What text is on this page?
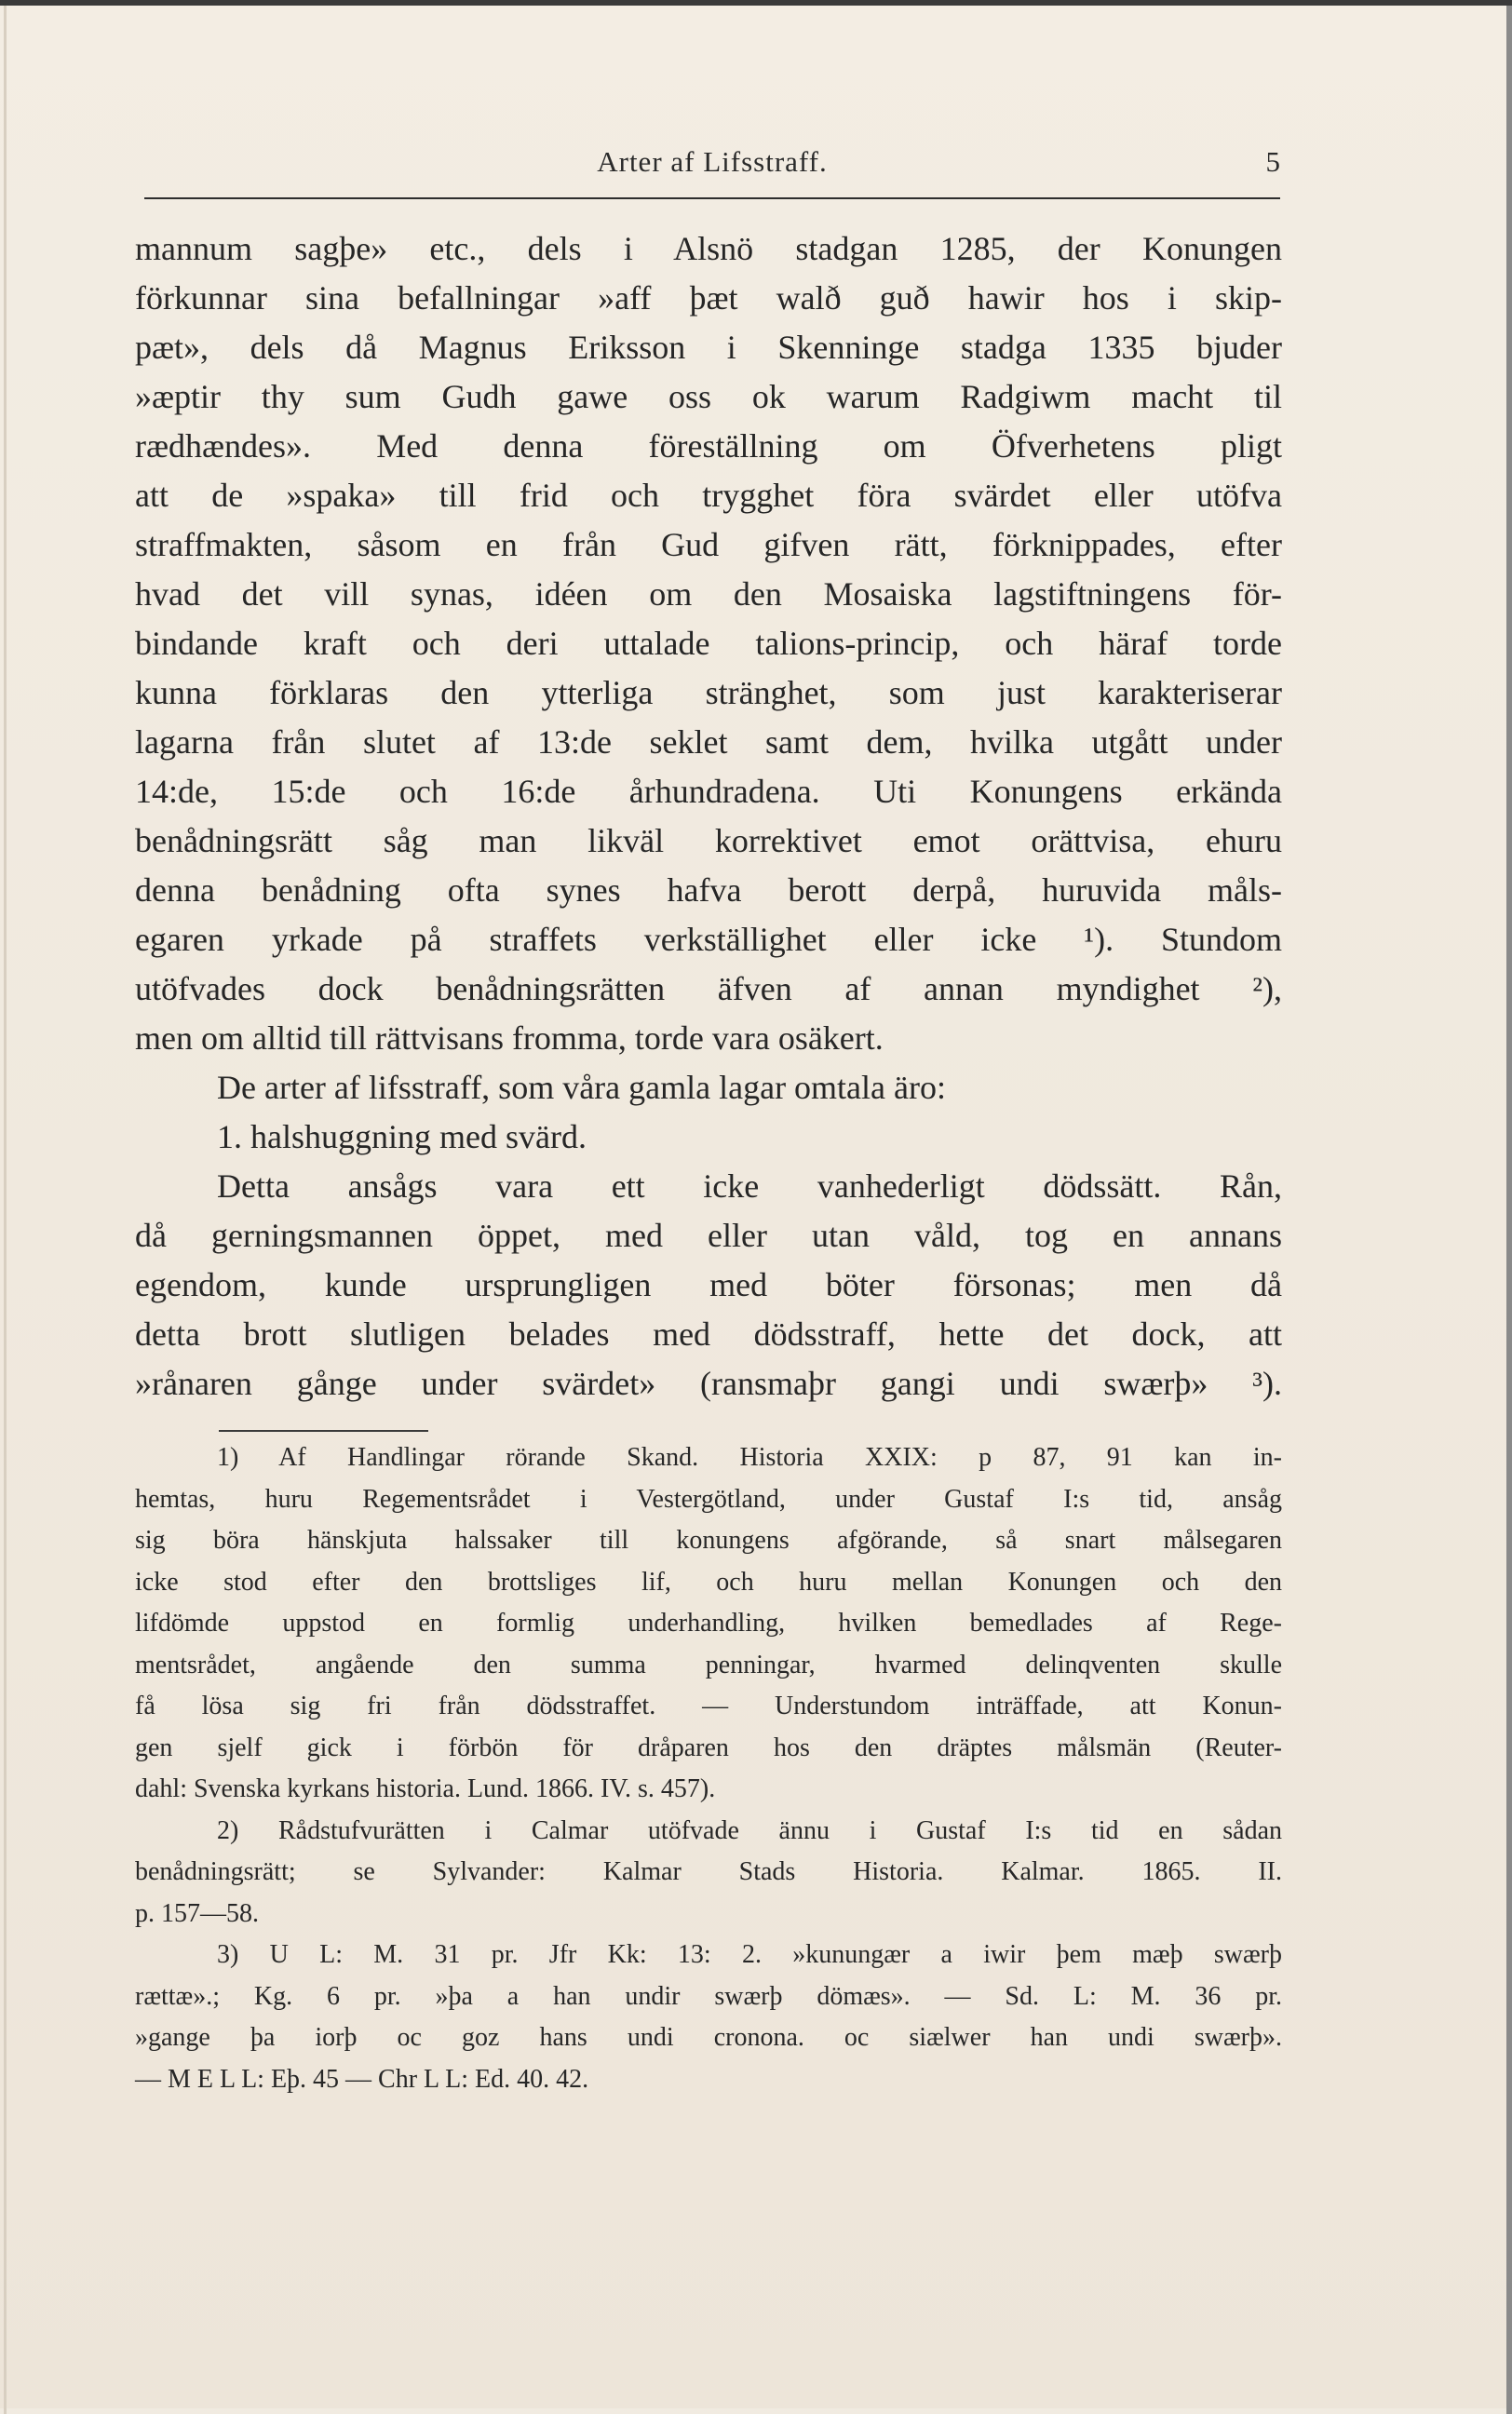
Arter af Lifsstraff.	5
mannum sagþe» etc., dels i Alsnö stadgan 1285, der Konungen
förkunnar sina befallningar »aff þæt walð guð hawir hos i skip-
pæt», dels då Magnus Eriksson i Skenninge stadga 1335 bjuder
»æptir thy sum Gudh gawe oss ok warum Radgiwm macht til
rædhændes». Med denna föreställning om Öfverhetens pligt
att de »spaka» till frid och trygghet föra svärdet eller utöfva
straffmakten, såsom en från Gud gifven rätt, förknippades, efter
hvad det vill synas, idéen om den Mosaiska lagstiftningens för-
bindande kraft och deri uttalade talions-princip, och häraf torde
kunna förklaras den ytterliga stränghet, som just karakteriserar
lagarna från slutet af 13:de seklet samt dem, hvilka utgått under
14:de, 15:de och 16:de århundradena. Uti Konungens erkända
benådningsrätt såg man likväl korrektivet emot orättvisa, ehuru
denna benådning ofta synes hafva berott derpå, huruvida måls-
egaren yrkade på straffets verkställighet eller icke ¹). Stundom
utöfvades dock benådningsrätten äfven af annan myndighet ²),
men om alltid till rättvisans fromma, torde vara osäkert.
De arter af lifsstraff, som våra gamla lagar omtala äro:
1. halshuggning med svärd.
Detta ansågs vara ett icke vanhederligt dödssätt. Rån,
då gerningsmannen öppet, med eller utan våld, tog en annans
egendom, kunde ursprungligen med böter försonas; men då
detta brott slutligen belades med dödsstraff, hette det dock, att
»rånaren gånge under svärdet» (ransmaþr gangi undi swærþ» ³).
1) Af Handlingar rörande Skand. Historia XXIX: p 87, 91 kan in-
hemtas, huru Regementsrådet i Vestergötland, under Gustaf I:s tid, ansåg
sig böra hänskjuta halssaker till konungens afgörande, så snart målsegaren
icke stod efter den brottsliges lif, och huru mellan Konungen och den
lifdömde uppstod en formlig underhandling, hvilken bemedlades af Rege-
mentsrådet, angående den summa penningar, hvarmed delinqventen skulle
få lösa sig fri från dödsstraffet. — Understundom inträffade, att Konun-
gen sjelf gick i förbön för dråparen hos den dräptes målsmän (Reuter-
dahl: Svenska kyrkans historia. Lund. 1866. IV. s. 457).
2) Rådstufvurätten i Calmar utöfvade ännu i Gustaf I:s tid en sådan
benådningsrätt; se Sylvander: Kalmar Stads Historia. Kalmar. 1865. II.
p. 157—58.
3) U L: M. 31 pr. Jfr Kk: 13: 2. »kunungær a iwir þem mæþ swærþ
rættæ».; Kg. 6 pr. »þa a han undir swærþ dömæs». — Sd. L: M. 36 pr.
»gange þa iorþ oc goz hans undi cronona. oc siælwer han undi swærþ».
— M E L L: Eþ. 45 — Chr L L: Ed. 40. 42.
